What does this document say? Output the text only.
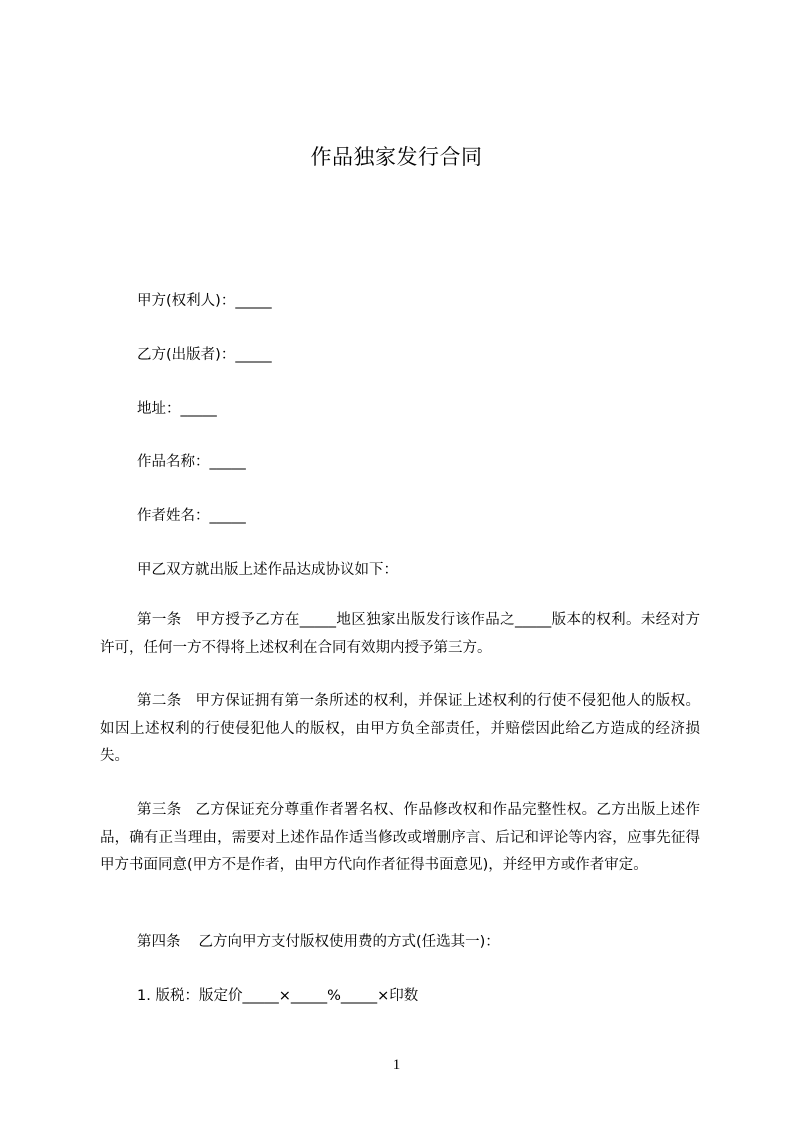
作品独家发行合同
甲方(权利人)：_____
乙方(出版者)：_____
地址：_____
作品名称：_____
作者姓名：_____
甲乙双方就出版上述作品达成协议如下：
第一条 甲方授予乙方在_____地区独家出版发行该作品之_____版本的权利。未经对方许可，任何一方不得将上述权利在合同有效期内授予第三方。
第二条 甲方保证拥有第一条所述的权利，并保证上述权利的行使不侵犯他人的版权。如因上述权利的行使侵犯他人的版权，由甲方负全部责任，并赔偿因此给乙方造成的经济损失。
第三条 乙方保证充分尊重作者署名权、作品修改权和作品完整性权。乙方出版上述作品，确有正当理由，需要对上述作品作适当修改或增删序言、后记和评论等内容，应事先征得甲方书面同意(甲方不是作者，由甲方代向作者征得书面意见)，并经甲方或作者审定。
第四条 乙方向甲方支付版权使用费的方式(任选其一)：
1. 版税：版定价_____×_____%_____×印数
1
